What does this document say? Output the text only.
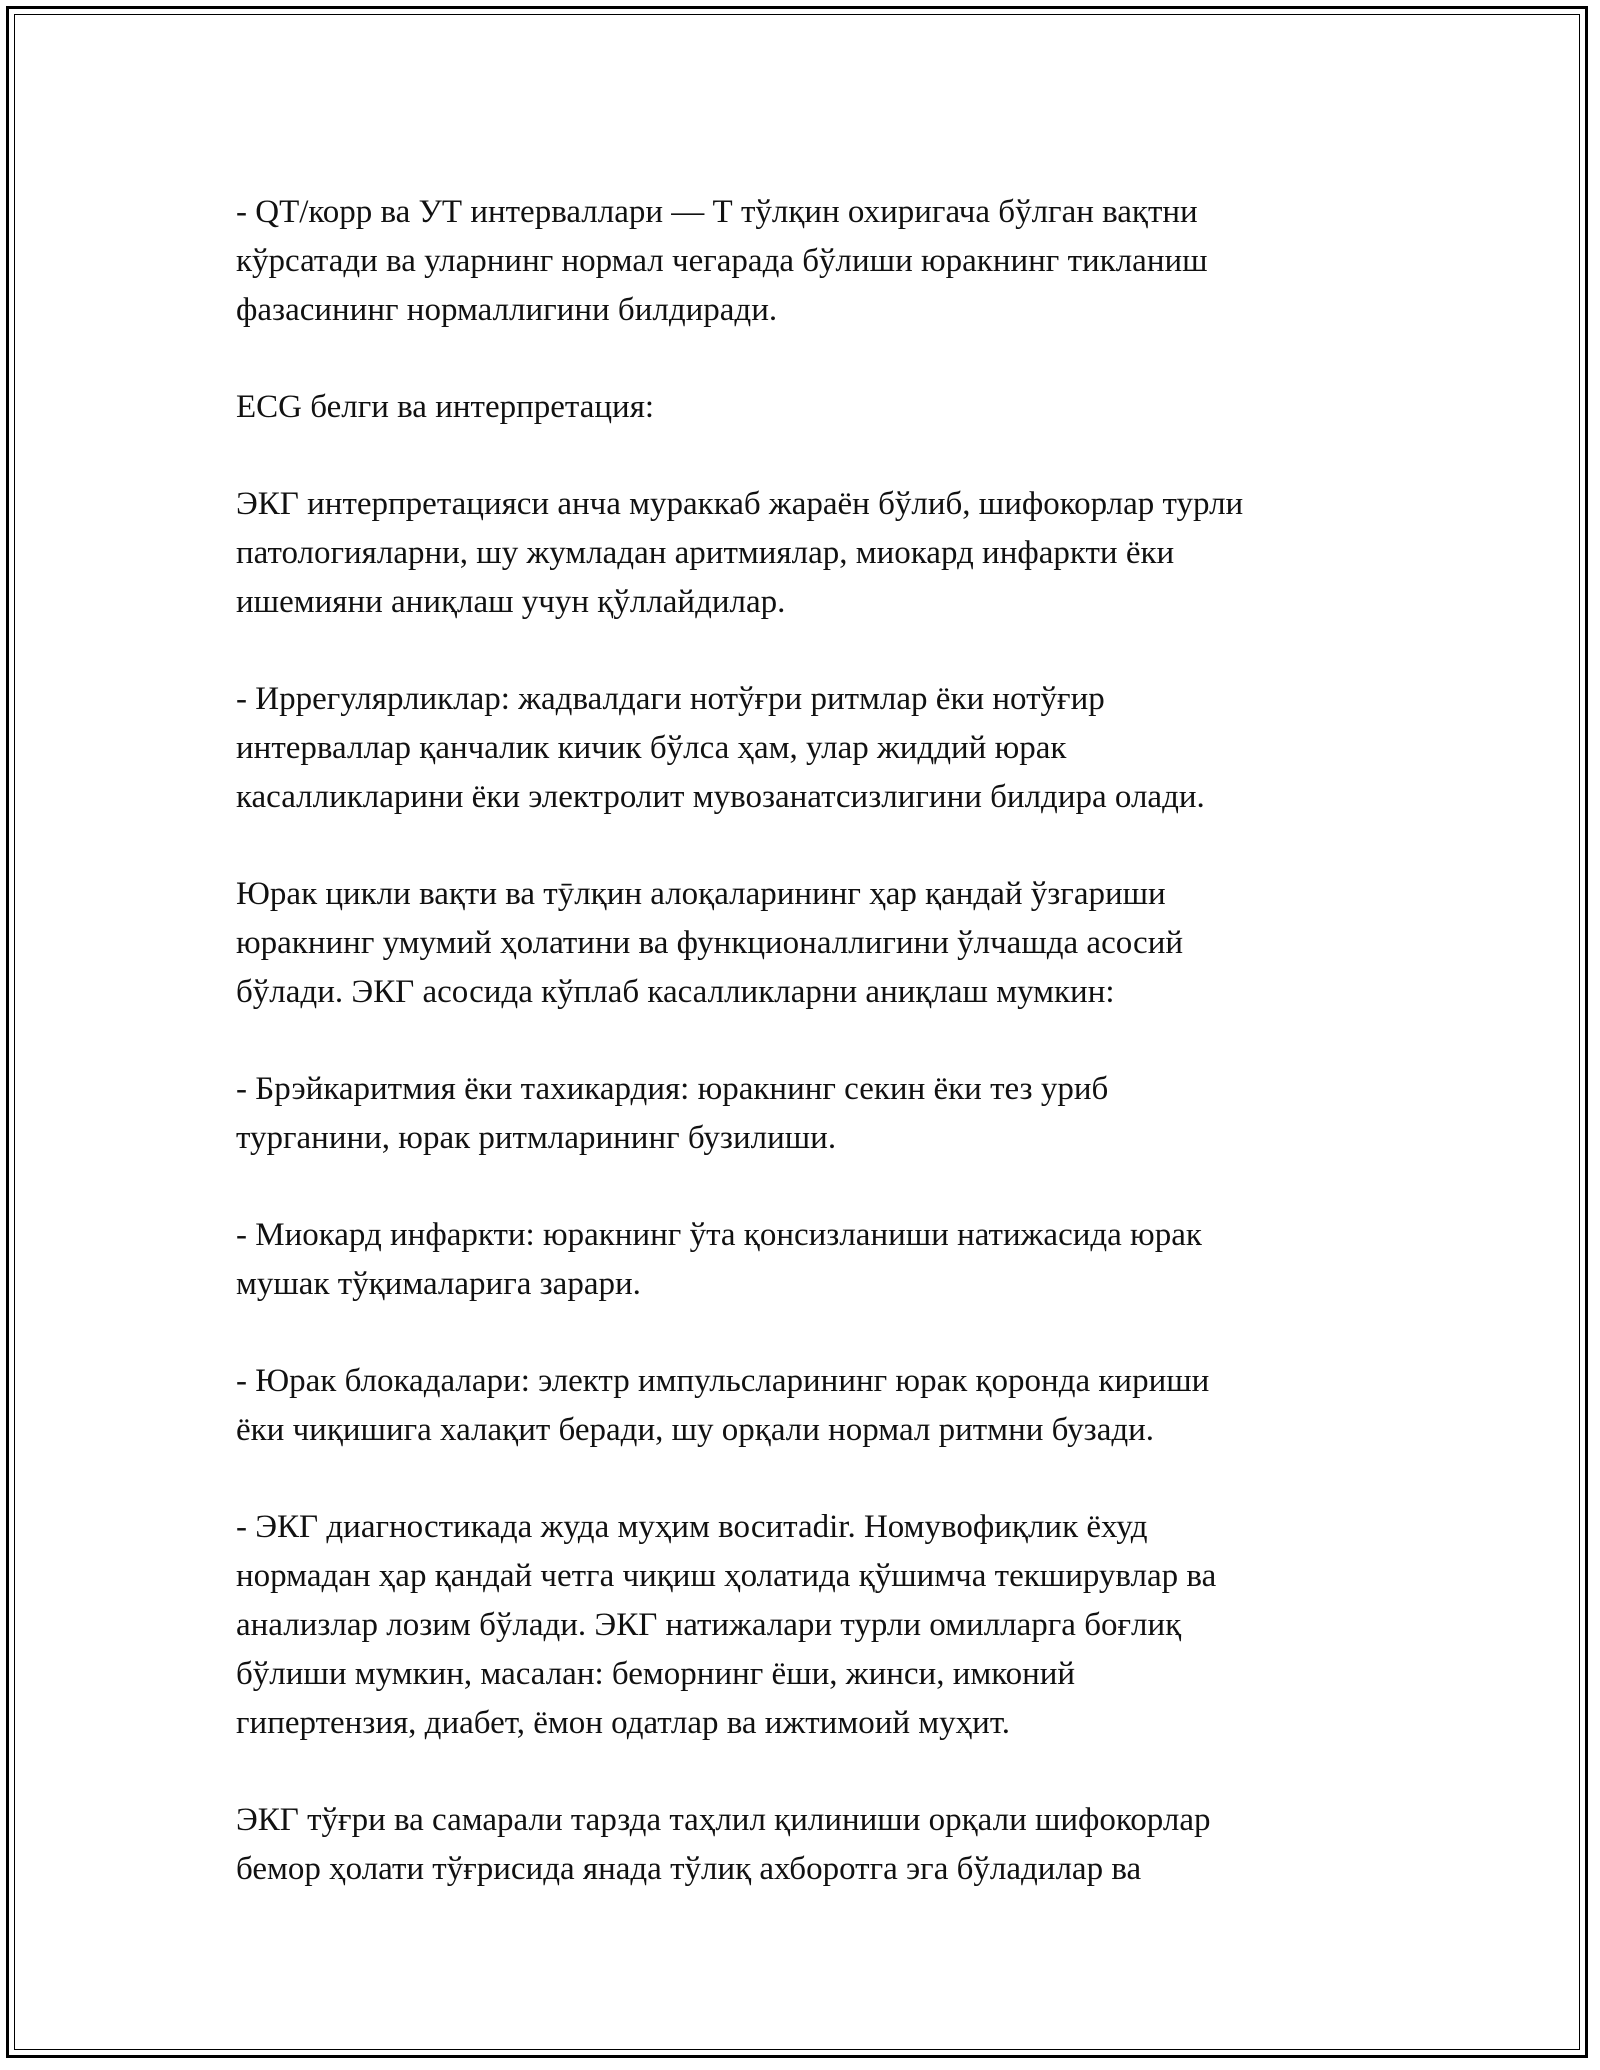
- QT/корр ва УТ интерваллари — Т тўлқин охиригача бўлган вақтни
кўрсатади ва уларнинг нормал чегарада бўлиши юракнинг тикланиш
фазасининг нормаллигини билдиради.

ECG белги ва интерпретация:

ЭКГ интерпретацияси анча мураккаб жараён бўлиб, шифокорлар турли
патологияларни, шу жумладан аритмиялар, миокард инфаркти ёки
ишемияни аниқлаш учун қўллайдилар.

- Иррегулярликлар: жадвалдаги нотўғри ритмлар ёки нотўғир
интерваллар қанчалик кичик бўлса ҳам, улар жиддий юрак
касалликларини ёки электролит мувозанатсизлигини билдира олади.

Юрак цикли вақти ва тӯлқин алоқаларининг ҳар қандай ўзгариши
юракнинг умумий ҳолатини ва функционаллигини ўлчашда асосий
бўлади. ЭКГ асосида кўплаб касалликларни аниқлаш мумкин:

- Брэйкаритмия ёки тахикардия: юракнинг секин ёки тез уриб
турганини, юрак ритмларининг бузилиши.

- Миокард инфаркти: юракнинг ўта қонсизланиши натижасида юрак
мушак тўқималарига зарари.

- Юрак блокадалари: электр импульсларининг юрак қоронда кириши
ёки чиқишига халақит беради, шу орқали нормал ритмни бузади.

- ЭКГ диагностикада жуда муҳим воситаdir. Номувофиқлик ёхуд
нормадан ҳар қандай четга чиқиш ҳолатида қўшимча текширувлар ва
анализлар лозим бўлади. ЭКГ натижалари турли омилларга боғлиқ
бўлиши мумкин, масалан: беморнинг ёши, жинси, имконий
гипертензия, диабет, ёмон одатлар ва ижтимоий муҳит.

ЭКГ тўғри ва самарали тарзда таҳлил қилиниши орқали шифокорлар
бемор ҳолати тўғрисида янада тўлиқ ахборотга эга бўладилар ва
